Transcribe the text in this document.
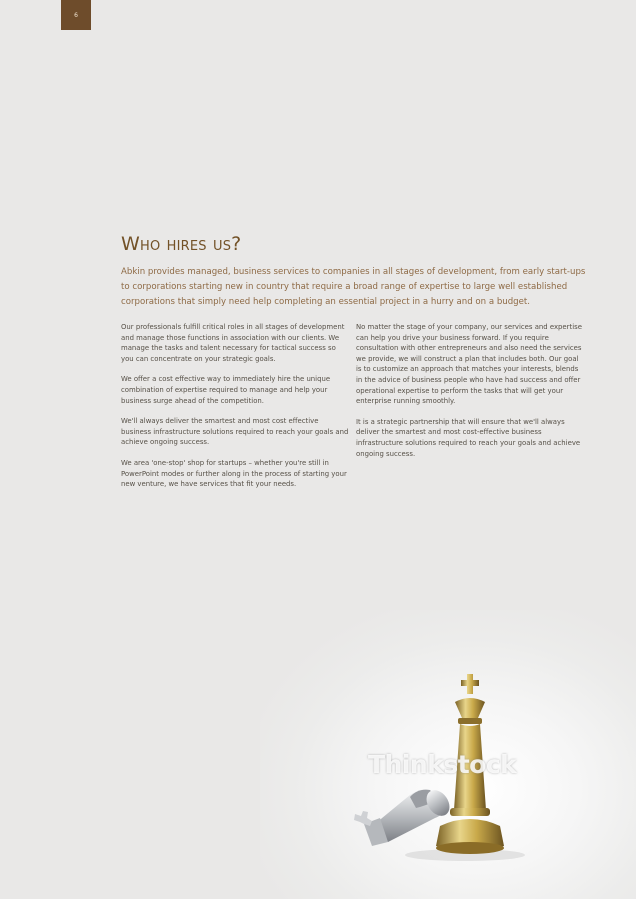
6
Who hires us?

Abkin provides managed, business services to companies in all stages of development, from early start-ups to corporations starting new in country that require a broad range of expertise to large well established corporations that simply need help completing an essential project in a hurry and on a budget.

Our professionals fulfill critical roles in all stages of development and manage those functions in association with our clients. We manage the tasks and talent necessary for tactical success so you can concentrate on your strategic goals.

We offer a cost effective way to immediately hire the unique combination of expertise required to manage and help your business surge ahead of the competition.

We'll always deliver the smartest and most cost effective business infrastructure solutions required to reach your goals and achieve ongoing success.

We area 'one-stop' shop for startups – whether you're still in PowerPoint modes or further along in the process of starting your new venture, we have services that fit your needs.

No matter the stage of your company, our services and expertise can help you drive your business forward. If you require consultation with other entrepreneurs and also need the services we provide, we will construct a plan that includes both. Our goal is to customize an approach that matches your interests, blends in the advice of business people who have had success and offer operational expertise to perform the tasks that will get your enterprise running smoothly.

It is a strategic partnership that will ensure that we'll always deliver the smartest and most cost-effective business infrastructure solutions required to reach your goals and achieve ongoing success.

Thinkstock
